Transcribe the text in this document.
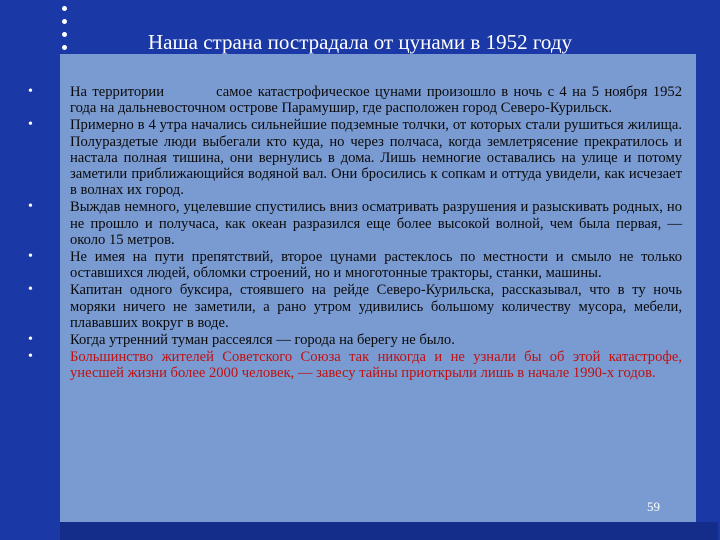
Наша страна пострадала от цунами в 1952 году
•	На территории	самое катастрофическое цунами произошло в ночь с 4 на 5 ноября 1952 года на дальневосточном острове Парамушир, где расположен город Северо-Курильск.
•	Примерно в 4 утра начались сильнейшие подземные толчки, от которых стали рушиться жилища. Полураздетые люди выбегали кто куда, но через полчаса, когда землетрясение прекратилось и настала полная тишина, они вернулись в дома. Лишь немногие оставались на улице и потому заметили приближающийся водяной вал. Они бросились к сопкам и оттуда увидели, как исчезает в волнах их город.
•	Выждав немного, уцелевшие спустились вниз осматривать разрушения и разыскивать родных, но не прошло и получаса, как океан разразился еще более высокой волной, чем была первая, — около 15 метров.
•	Не имея на пути препятствий, второе цунами растеклось по местности и смыло не только оставшихся людей, обломки строений, но и многотонные тракторы, станки, машины.
•	Капитан одного буксира, стоявшего на рейде Северо-Курильска, рассказывал, что в ту ночь моряки ничего не заметили, а рано утром удивились большому количеству мусора, мебели, плававших вокруг в воде.
•	Когда утренний туман рассеялся — города на берегу не было.
•	Большинство жителей Советского Союза так никогда и не узнали бы об этой катастрофе, унесшей жизни более 2000 человек, — завесу тайны приоткрыли лишь в начале 1990-х годов.
59
